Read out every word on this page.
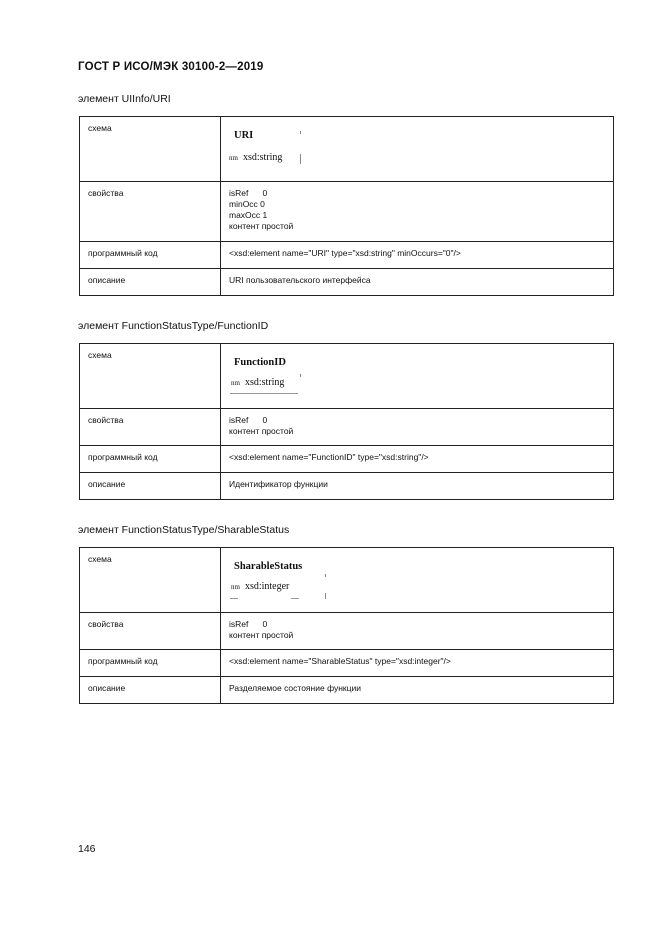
ГОСТ Р ИСО/МЭК 30100-2—2019
элемент UIInfo/URI
схема	URI
nm xsd:string

свойства	isRef      0
minOcc 0
maxOcc 1
контент простой

программный код	<xsd:element name="URI" type="xsd:string" minOccurs="0"/>
описание	URI пользовательского интерфейса
элемент FunctionStatusType/FunctionID
схема	FunctionID
nm xsd:string

свойства	isRef      0
контент простой

программный код	<xsd:element name="FunctionID" type="xsd:string"/>
описание	Идентификатор функции
элемент FunctionStatusType/SharableStatus
схема	SharableStatus
nm xsd:integer

свойства	isRef      0
контент простой

программный код	<xsd:element name="SharableStatus" type="xsd:integer"/>
описание	Разделяемое состояние функции
146
